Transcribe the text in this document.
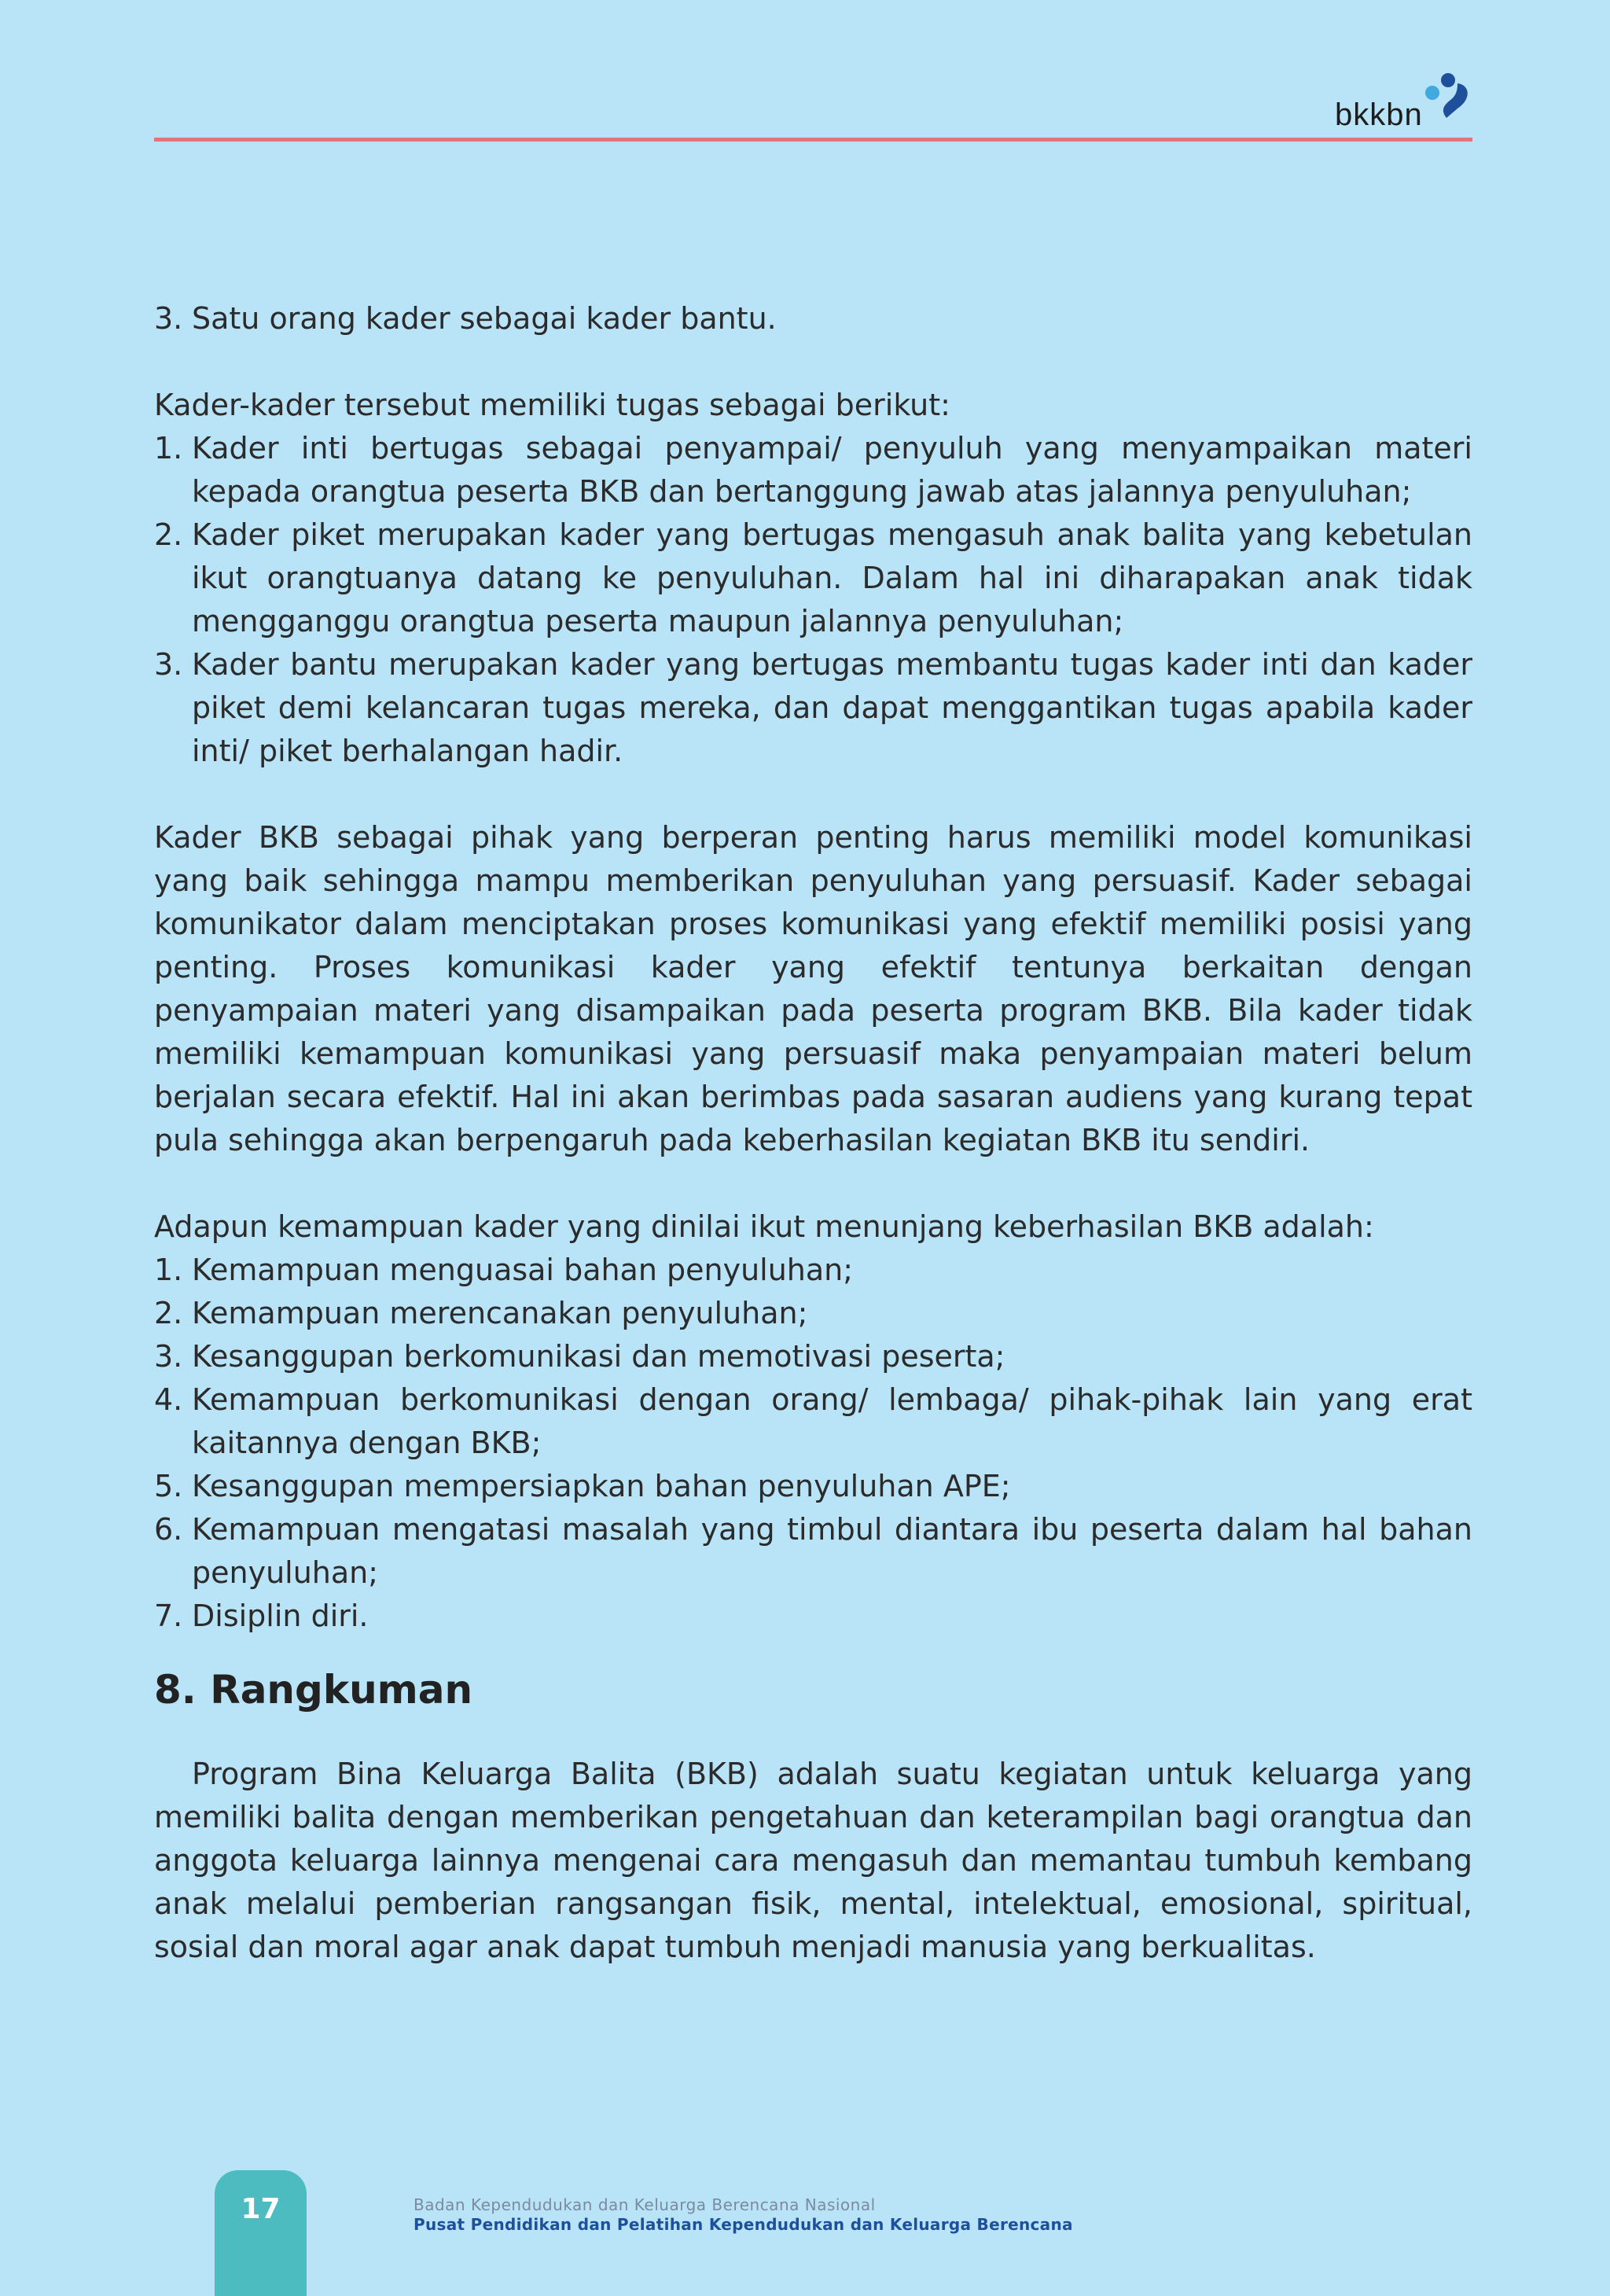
bkkbn
3. Satu orang kader sebagai kader bantu.

Kader-kader tersebut memiliki tugas sebagai berikut:

1. Kader inti bertugas sebagai penyampai/ penyuluh yang menyampaikan materi kepada orangtua peserta BKB dan bertanggung jawab atas jalannya penyuluhan;
2. Kader piket merupakan kader yang bertugas mengasuh anak balita yang kebetulan ikut orangtuanya datang ke penyuluhan. Dalam hal ini diharapakan anak tidak mengganggu orangtua peserta maupun jalannya penyuluhan;
3. Kader bantu merupakan kader yang bertugas membantu tugas kader inti dan kader piket demi kelancaran tugas mereka, dan dapat menggantikan tugas apabila kader inti/ piket berhalangan hadir.

Kader BKB sebagai pihak yang berperan penting harus memiliki model komunikasi yang baik sehingga mampu memberikan penyuluhan yang persuasif. Kader sebagai komunikator dalam menciptakan proses komunikasi yang efektif memiliki posisi yang penting. Proses komunikasi kader yang efektif tentunya berkaitan dengan penyampaian materi yang disampaikan pada peserta program BKB. Bila kader tidak memiliki kemampuan komunikasi yang persuasif maka penyampaian materi belum berjalan secara efektif. Hal ini akan berimbas pada sasaran audiens yang kurang tepat pula sehingga akan berpengaruh pada keberhasilan kegiatan BKB itu sendiri.

Adapun kemampuan kader yang dinilai ikut menunjang keberhasilan BKB adalah:

1. Kemampuan menguasai bahan penyuluhan;
2. Kemampuan merencanakan penyuluhan;
3. Kesanggupan berkomunikasi dan memotivasi peserta;
4. Kemampuan berkomunikasi dengan orang/ lembaga/ pihak-pihak lain yang erat kaitannya dengan BKB;
5. Kesanggupan mempersiapkan bahan penyuluhan APE;
6. Kemampuan mengatasi masalah yang timbul diantara ibu peserta dalam hal bahan penyuluhan;
7. Disiplin diri.
8. Rangkuman

Program Bina Keluarga Balita (BKB) adalah suatu kegiatan untuk keluarga yang memiliki balita dengan memberikan pengetahuan dan keterampilan bagi orangtua dan anggota keluarga lainnya mengenai cara mengasuh dan memantau tumbuh kembang anak melalui pemberian rangsangan fisik, mental, intelektual, emosional, spiritual, sosial dan moral agar anak dapat tumbuh menjadi manusia yang berkualitas.

17	Badan Kependudukan dan Keluarga Berencana Nasional
Pusat Pendidikan dan Pelatihan Kependudukan dan Keluarga Berencana
